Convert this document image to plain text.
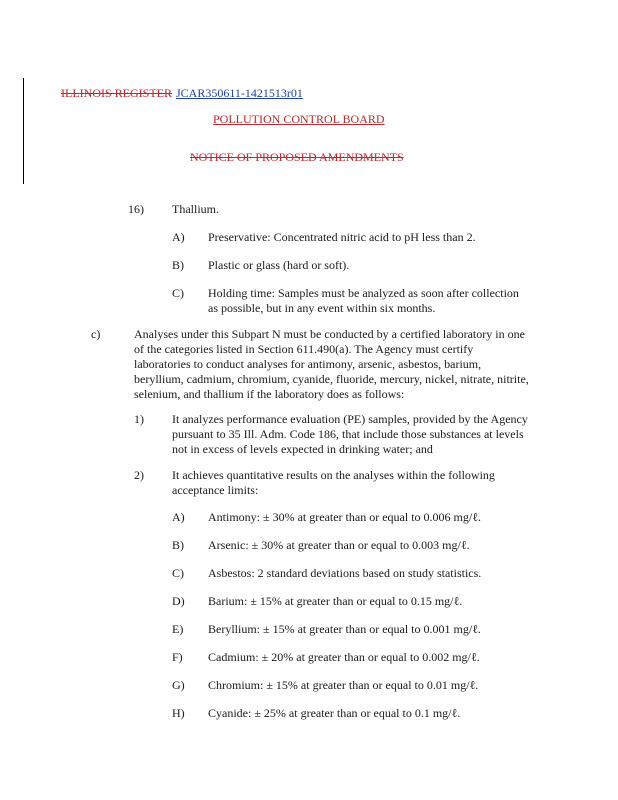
ILLINOIS REGISTER JCAR350611-1421513r01
POLLUTION CONTROL BOARD
NOTICE OF PROPOSED AMENDMENTS
16) Thallium.
A) Preservative: Concentrated nitric acid to pH less than 2.
B) Plastic or glass (hard or soft).
C) Holding time: Samples must be analyzed as soon after collection
as possible, but in any event within six months.
c)	Analyses under this Subpart N must be conducted by a certified laboratory in one
of the categories listed in Section 611.490(a). The Agency must certify
laboratories to conduct analyses for antimony, arsenic, asbestos, barium,
beryllium, cadmium, chromium, cyanide, fluoride, mercury, nickel, nitrate, nitrite,
selenium, and thallium if the laboratory does as follows:
1) It analyzes performance evaluation (PE) samples, provided by the Agency
pursuant to 35 Ill. Adm. Code 186, that include those substances at levels
not in excess of levels expected in drinking water; and
2) It achieves quantitative results on the analyses within the following
acceptance limits:
A) Antimony: ± 30% at greater than or equal to 0.006 mg/ℓ.
B) Arsenic: ± 30% at greater than or equal to 0.003 mg/ℓ.
C) Asbestos: 2 standard deviations based on study statistics.
D) Barium: ± 15% at greater than or equal to 0.15 mg/ℓ.
E) Beryllium: ± 15% at greater than or equal to 0.001 mg/ℓ.
F) Cadmium: ± 20% at greater than or equal to 0.002 mg/ℓ.
G) Chromium: ± 15% at greater than or equal to 0.01 mg/ℓ.
H) Cyanide: ± 25% at greater than or equal to 0.1 mg/ℓ.
